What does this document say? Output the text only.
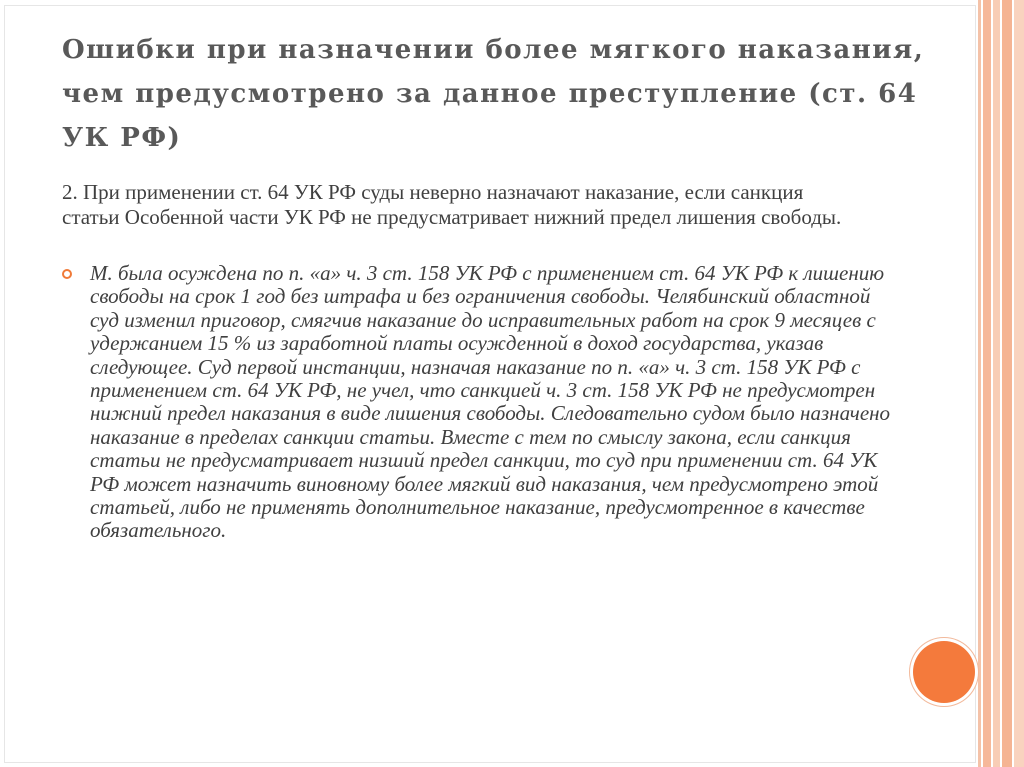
Ошибки при назначении более мягкого наказания, чем предусмотрено за данное преступление (ст. 64 УК РФ)

2. При применении ст. 64 УК РФ суды неверно назначают наказание, если санкция статьи Особенной части УК РФ не предусматривает нижний предел лишения свободы.

М. была осуждена по п. «а» ч. 3 ст. 158 УК РФ с применением ст. 64 УК РФ к лишению свободы на срок 1 год без штрафа и без ограничения свободы. Челябинский областной суд изменил приговор, смягчив наказание до исправительных работ на срок 9 месяцев с удержанием 15 % из заработной платы осужденной в доход государства, указав следующее. Суд первой инстанции, назначая наказание по п. «а» ч. 3 ст. 158 УК РФ с применением ст. 64 УК РФ, не учел, что санкцией ч. 3 ст. 158 УК РФ не предусмотрен нижний предел наказания в виде лишения свободы. Следовательно судом было назначено наказание в пределах санкции статьи. Вместе с тем по смыслу закона, если санкция статьи не предусматривает низший предел санкции, то суд при применении ст. 64 УК РФ может назначить виновному более мягкий вид наказания, чем предусмотрено этой статьей, либо не применять дополнительное наказание, предусмотренное в качестве обязательного.
